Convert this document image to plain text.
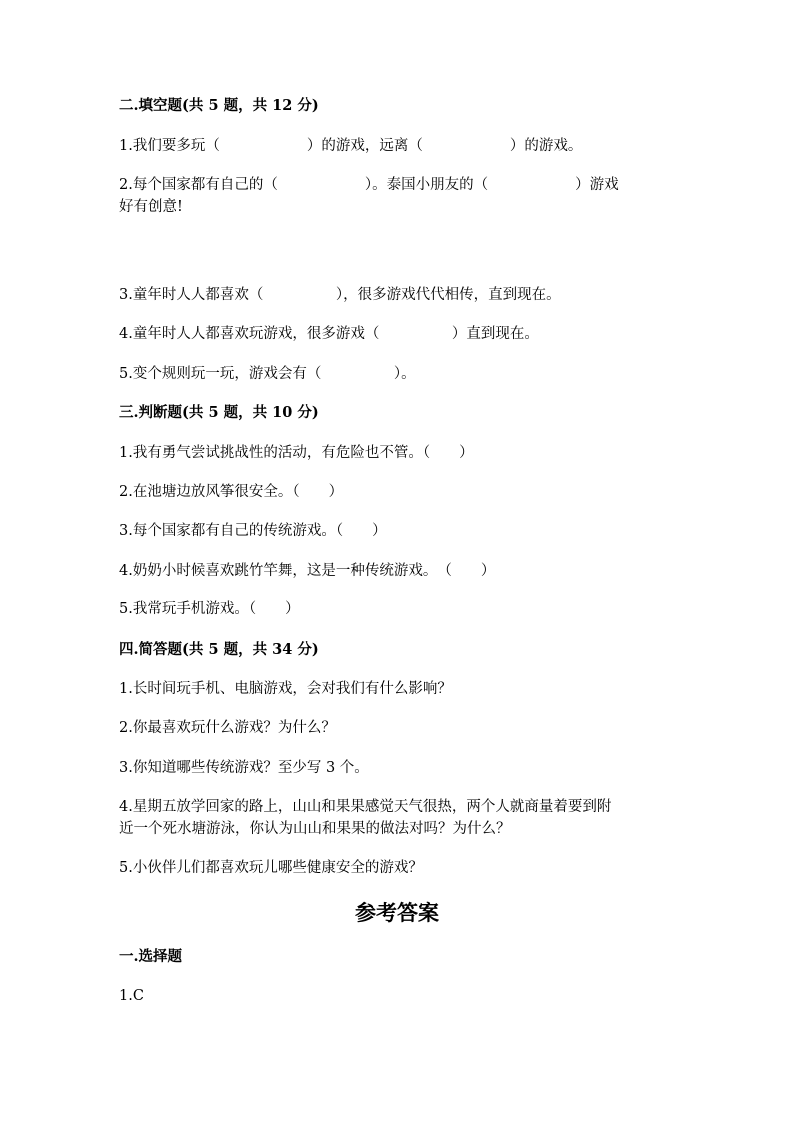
二.填空题(共 5 题，共 12 分)
1.我们要多玩（　　　　　　）的游戏，远离（　　　　　　）的游戏。
2.每个国家都有自己的（　　　　　　）。泰国小朋友的（　　　　　　）游戏
好有创意!
3.童年时人人都喜欢（　　　　　），很多游戏代代相传，直到现在。
4.童年时人人都喜欢玩游戏，很多游戏（　　　　　）直到现在。
5.变个规则玩一玩，游戏会有（　　　　　）。
三.判断题(共 5 题，共 10 分)
1.我有勇气尝试挑战性的活动，有危险也不管。（　　）
2.在池塘边放风筝很安全。（　　）
3.每个国家都有自己的传统游戏。（　　）
4.奶奶小时候喜欢跳竹竿舞，这是一种传统游戏。　（　　）
5.我常玩手机游戏。（　　）
四.简答题(共 5 题，共 34 分)
1.长时间玩手机、电脑游戏，会对我们有什么影响？
2.你最喜欢玩什么游戏？为什么？
3.你知道哪些传统游戏？至少写 3 个。
4.星期五放学回家的路上，山山和果果感觉天气很热，两个人就商量着要到附
近一个死水塘游泳，你认为山山和果果的做法对吗？为什么？
5.小伙伴儿们都喜欢玩儿哪些健康安全的游戏？
参考答案
一.选择题
1.C
